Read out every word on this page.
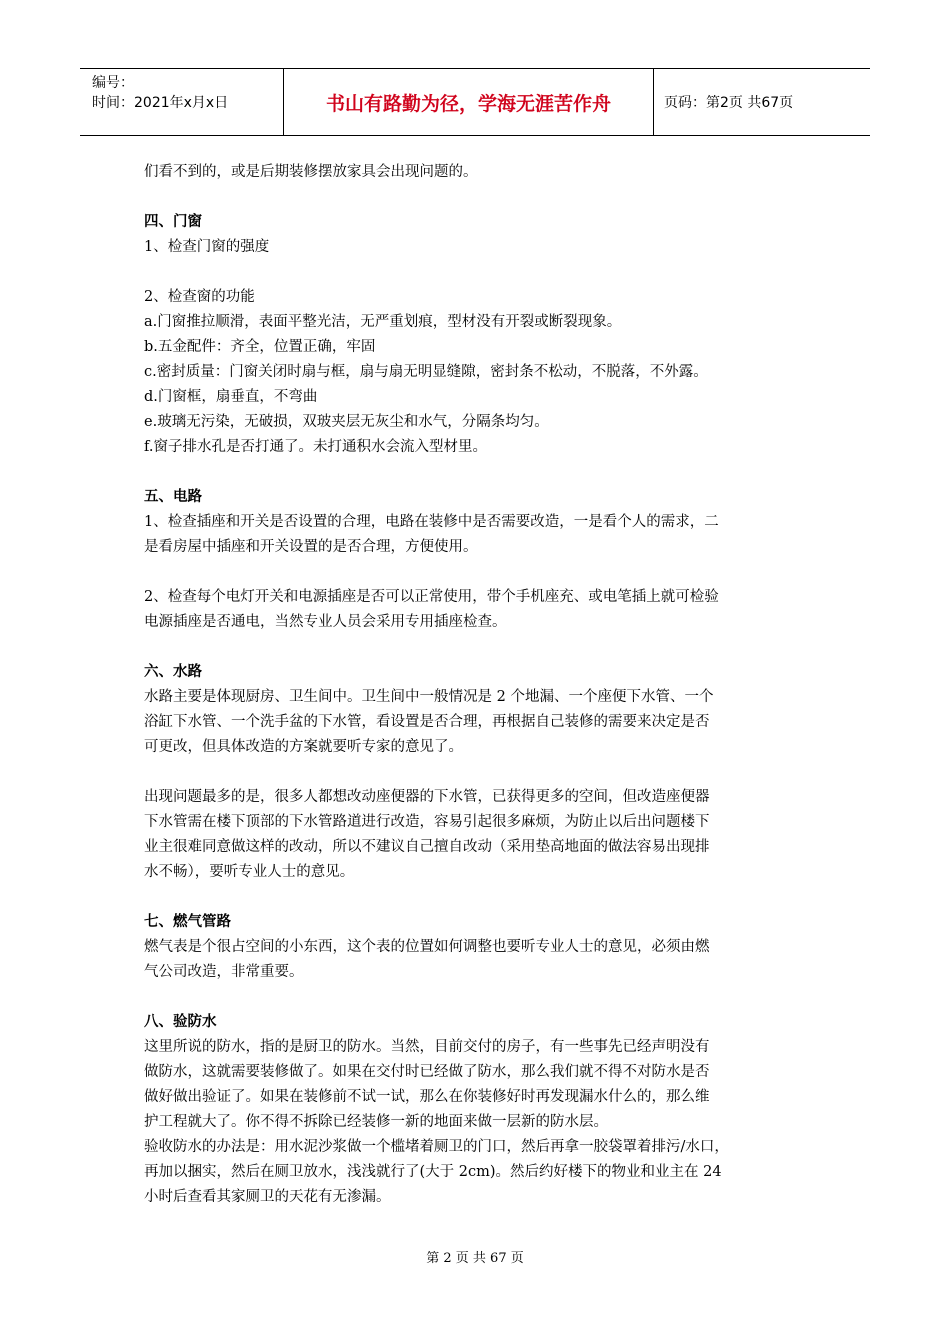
编号：
时间：2021年x月x日	书山有路勤为径，学海无涯苦作舟	页码：第2页 共67页

们看不到的，或是后期装修摆放家具会出现问题的。

四、门窗

1、检查门窗的强度

2、检查窗的功能

a.门窗推拉顺滑，表面平整光洁，无严重划痕，型材没有开裂或断裂现象。

b.五金配件：齐全，位置正确，牢固

c.密封质量：门窗关闭时扇与框，扇与扇无明显缝隙，密封条不松动，不脱落，不外露。

d.门窗框，扇垂直，不弯曲

e.玻璃无污染，无破损，双玻夹层无灰尘和水气，分隔条均匀。

f.窗子排水孔是否打通了。未打通积水会流入型材里。

五、电路

1、检查插座和开关是否设置的合理，电路在装修中是否需要改造，一是看个人的需求，二

是看房屋中插座和开关设置的是否合理，方便使用。

2、检查每个电灯开关和电源插座是否可以正常使用，带个手机座充、或电笔插上就可检验

电源插座是否通电，当然专业人员会采用专用插座检查。

六、水路

水路主要是体现厨房、卫生间中。卫生间中一般情况是 2 个地漏、一个座便下水管、一个

浴缸下水管、一个洗手盆的下水管，看设置是否合理，再根据自己装修的需要来决定是否

可更改，但具体改造的方案就要听专家的意见了。

出现问题最多的是，很多人都想改动座便器的下水管，已获得更多的空间，但改造座便器

下水管需在楼下顶部的下水管路道进行改造，容易引起很多麻烦，为防止以后出问题楼下

业主很难同意做这样的改动，所以不建议自己擅自改动（采用垫高地面的做法容易出现排

水不畅），要听专业人士的意见。

七、燃气管路

燃气表是个很占空间的小东西，这个表的位置如何调整也要听专业人士的意见，必须由燃

气公司改造，非常重要。

八、验防水

这里所说的防水，指的是厨卫的防水。当然，目前交付的房子，有一些事先已经声明没有

做防水，这就需要装修做了。如果在交付时已经做了防水，那么我们就不得不对防水是否

做好做出验证了。如果在装修前不试一试，那么在你装修好时再发现漏水什么的，那么维

护工程就大了。你不得不拆除已经装修一新的地面来做一层新的防水层。

验收防水的办法是：用水泥沙浆做一个槛堵着厕卫的门口，然后再拿一胶袋罩着排污/水口，

再加以捆实，然后在厕卫放水，浅浅就行了(大于 2cm)。然后约好楼下的物业和业主在 24

小时后查看其家厕卫的天花有无渗漏。

第 2 页 共 67 页
